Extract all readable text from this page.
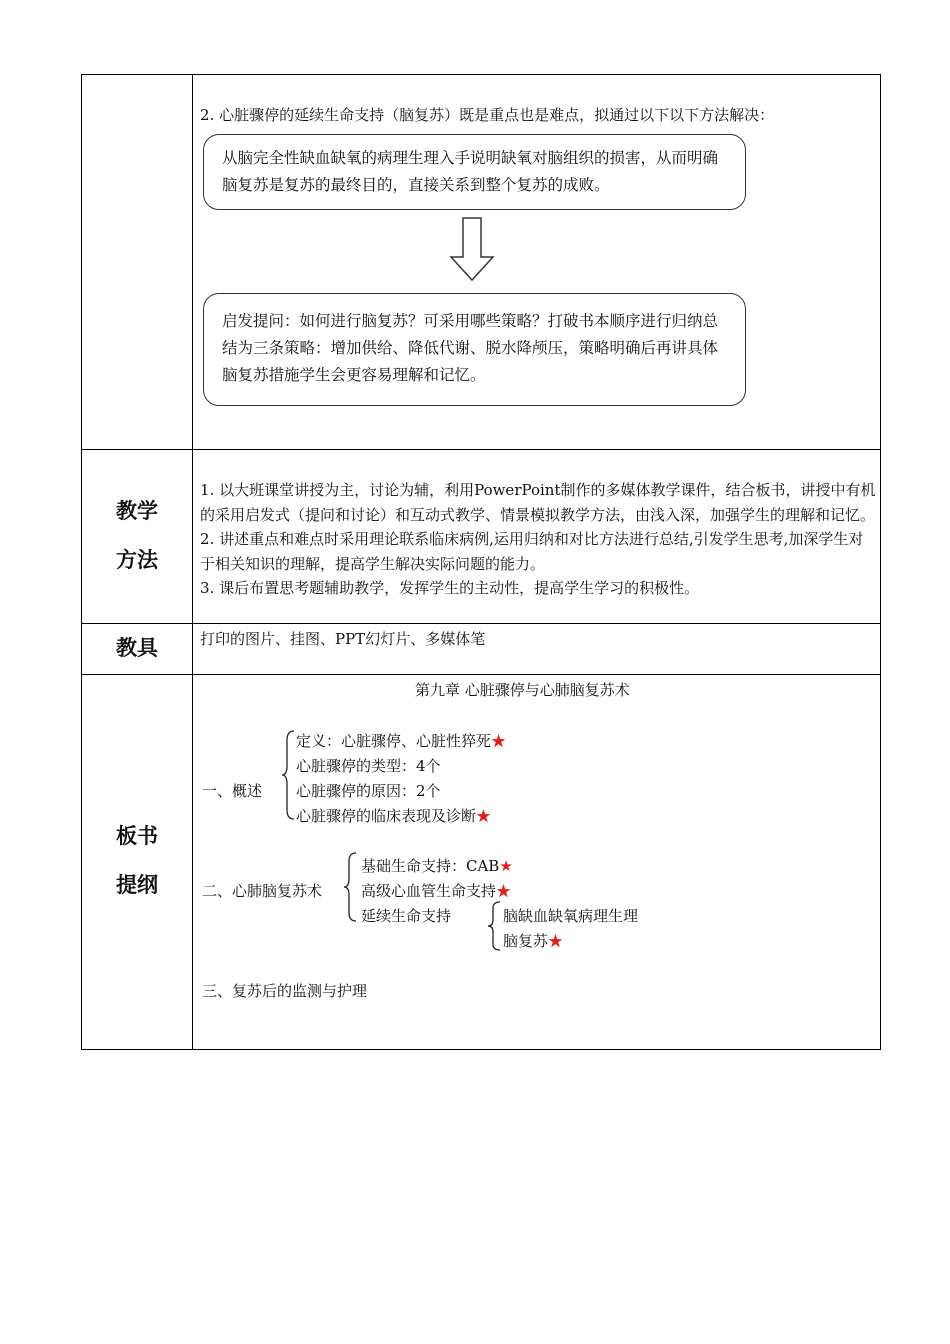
2. 心脏骤停的延续生命支持（脑复苏）既是重点也是难点，拟通过以下以下方法解决：
从脑完全性缺血缺氧的病理生理入手说明缺氧对脑组织的损害，从而明确脑复苏是复苏的最终目的，直接关系到整个复苏的成败。
启发提问：如何进行脑复苏？可采用哪些策略？打破书本顺序进行归纳总结为三条策略：增加供给、降低代谢、脱水降颅压，策略明确后再讲具体脑复苏措施学生会更容易理解和记忆。
教学
方法
1. 以大班课堂讲授为主，讨论为辅，利用PowerPoint制作的多媒体教学课件，结合板书，讲授中有机的采用启发式（提问和讨论）和互动式教学、情景模拟教学方法，由浅入深，加强学生的理解和记忆。
2. 讲述重点和难点时采用理论联系临床病例,运用归纳和对比方法进行总结,引发学生思考,加深学生对于相关知识的理解，提高学生解决实际问题的能力。
3. 课后布置思考题辅助教学，发挥学生的主动性，提高学生学习的积极性。
教具	打印的图片、挂图、PPT幻灯片、多媒体笔
板书
提纲
第九章 心脏骤停与心肺脑复苏术
一、概述
定义：心脏骤停、心脏性猝死★
心脏骤停的类型：4个
心脏骤停的原因：2个
心脏骤停的临床表现及诊断★
二、心肺脑复苏术
基础生命支持：CAB★
高级心血管生命支持★
延续生命支持	脑缺血缺氧病理生理
脑复苏★
三、复苏后的监测与护理
